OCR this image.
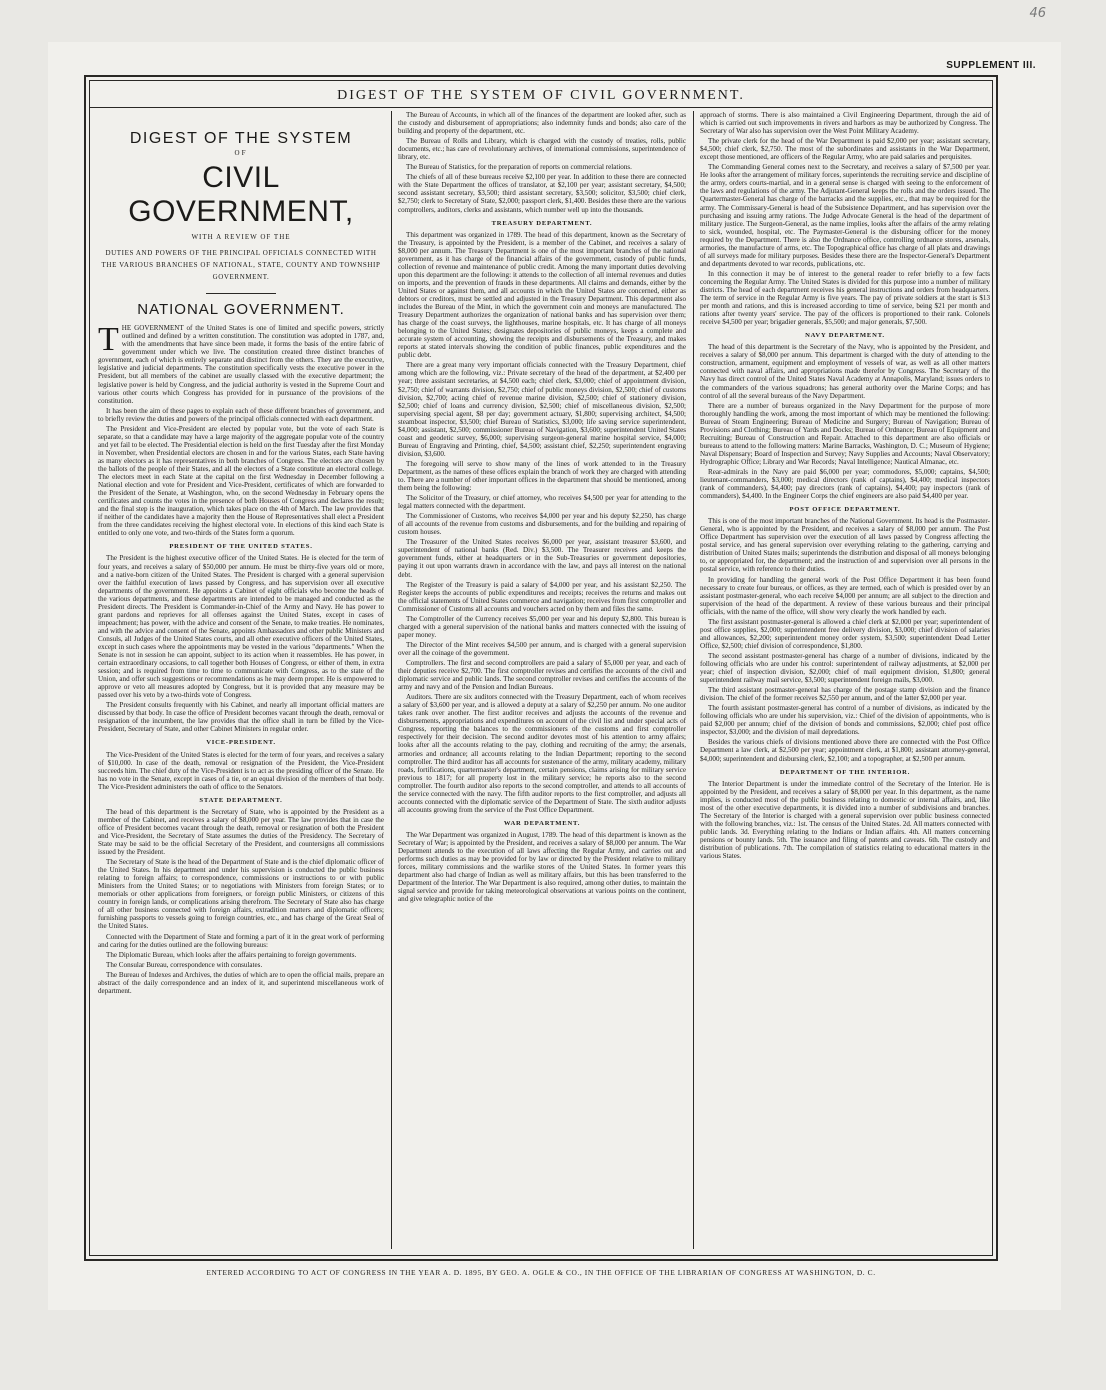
46
SUPPLEMENT III.
DIGEST OF THE SYSTEM OF CIVIL GOVERNMENT.
DIGEST OF THE SYSTEM
OF
CIVIL GOVERNMENT,
WITH A REVIEW OF THE
DUTIES AND POWERS OF THE PRINCIPAL OFFICIALS CONNECTED WITH THE VARIOUS BRANCHES OF NATIONAL, STATE, COUNTY AND TOWNSHIP GOVERNMENT.
NATIONAL GOVERNMENT.

THE GOVERNMENT of the United States is one of limited and specific powers, strictly outlined and defined by a written constitution. The constitution was adopted in 1787, and, with the amendments that have since been made, it forms the basis of the entire fabric of government under which we live. The constitution created three distinct branches of government, each of which is entirely separate and distinct from the others. They are the executive, legislative and judicial departments. The constitution specifically vests the executive power in the President, but all members of the cabinet are usually classed with the executive department; the legislative power is held by Congress, and the judicial authority is vested in the Supreme Court and various other courts which Congress has provided for in pursuance of the provisions of the constitution.

It has been the aim of these pages to explain each of these different branches of government, and to briefly review the duties and powers of the principal officials connected with each department.

The President and Vice-President are elected by popular vote, but the vote of each State is separate, so that a candidate may have a large majority of the aggregate popular vote of the country and yet fail to be elected. The Presidential election is held on the first Tuesday after the first Monday in November, when Presidential electors are chosen in and for the various States, each State having as many electors as it has representatives in both branches of Congress. The electors are chosen by the ballots of the people of their States, and all the electors of a State constitute an electoral college. The electors meet in each State at the capital on the first Wednesday in December following a National election and vote for President and Vice-President, certificates of which are forwarded to the President of the Senate, at Washington, who, on the second Wednesday in February opens the certificates and counts the votes in the presence of both Houses of Congress and declares the result; and the final step is the inauguration, which takes place on the 4th of March. The law provides that if neither of the candidates have a majority then the House of Representatives shall elect a President from the three candidates receiving the highest electoral vote. In elections of this kind each State is entitled to only one vote, and two-thirds of the States form a quorum.

PRESIDENT OF THE UNITED STATES.

The President is the highest executive officer of the United States. He is elected for the term of four years, and receives a salary of $50,000 per annum. He must be thirty-five years old or more, and a native-born citizen of the United States. The President is charged with a general supervision over the faithful execution of laws passed by Congress, and has supervision over all executive departments of the government. He appoints a Cabinet of eight officials who become the heads of the various departments, and these departments are intended to be managed and conducted as the President directs. The President is Commander-in-Chief of the Army and Navy. He has power to grant pardons and reprieves for all offenses against the United States, except in cases of impeachment; has power, with the advice and consent of the Senate, to make treaties. He nominates, and with the advice and consent of the Senate, appoints Ambassadors and other public Ministers and Consuls, all Judges of the United States courts, and all other executive officers of the United States, except in such cases where the appointments may be vested in the various "departments." When the Senate is not in session he can appoint, subject to its action when it reassembles. He has power, in certain extraordinary occasions, to call together both Houses of Congress, or either of them, in extra session; and is required from time to time to communicate with Congress, as to the state of the Union, and offer such suggestions or recommendations as he may deem proper. He is empowered to approve or veto all measures adopted by Congress, but it is provided that any measure may be passed over his veto by a two-thirds vote of Congress.

The President consults frequently with his Cabinet, and nearly all important official matters are discussed by that body. In case the office of President becomes vacant through the death, removal or resignation of the incumbent, the law provides that the office shall in turn be filled by the Vice-President, Secretary of State, and other Cabinet Ministers in regular order.

VICE-PRESIDENT.

The Vice-President of the United States is elected for the term of four years, and receives a salary of $10,000. In case of the death, removal or resignation of the President, the Vice-President succeeds him. The chief duty of the Vice-President is to act as the presiding officer of the Senate. He has no vote in the Senate, except in cases of a tie, or an equal division of the members of that body. The Vice-President administers the oath of office to the Senators.

STATE DEPARTMENT.

The head of this department is the Secretary of State, who is appointed by the President as a member of the Cabinet, and receives a salary of $8,000 per year. The law provides that in case the office of President becomes vacant through the death, removal or resignation of both the President and Vice-President, the Secretary of State assumes the duties of the Presidency. The Secretary of State may be said to be the official Secretary of the President, and countersigns all commissions issued by the President.

The Secretary of State is the head of the Department of State and is the chief diplomatic officer of the United States. In his department and under his supervision is conducted the public business relating to foreign affairs; to correspondence, commissions or instructions to or with public Ministers from the United States; or to negotiations with Ministers from foreign States; or to memorials or other applications from foreigners, or foreign public Ministers, or citizens of this country in foreign lands, or complications arising therefrom. The Secretary of State also has charge of all other business connected with foreign affairs, extradition matters and diplomatic officers; furnishing passports to vessels going to foreign countries, etc., and has charge of the Great Seal of the United States.

Connected with the Department of State and forming a part of it in the great work of performing and caring for the duties outlined are the following bureaus:

The Diplomatic Bureau, which looks after the affairs pertaining to foreign governments.

The Consular Bureau, correspondence with consulates.

The Bureau of Indexes and Archives, the duties of which are to open the official mails, prepare an abstract of the daily correspondence and an index of it, and superintend miscellaneous work of department.

The Bureau of Accounts, in which all of the finances of the department are looked after, such as the custody and disbursement of appropriations; also indemnity funds and bonds; also care of the building and property of the department, etc.

The Bureau of Rolls and Library, which is charged with the custody of treaties, rolls, public documents, etc.; has care of revolutionary archives, of international commissions, superintendence of library, etc.

The Bureau of Statistics, for the preparation of reports on commercial relations.

The chiefs of all of these bureaus receive $2,100 per year. In addition to these there are connected with the State Department the offices of translator, at $2,100 per year; assistant secretary, $4,500; second assistant secretary, $3,500; third assistant secretary, $3,500; solicitor, $3,500; chief clerk, $2,750; clerk to Secretary of State, $2,000; passport clerk, $1,400. Besides these there are the various comptrollers, auditors, clerks and assistants, which number well up into the thousands.

TREASURY DEPARTMENT.

This department was organized in 1789. The head of this department, known as the Secretary of the Treasury, is appointed by the President, is a member of the Cabinet, and receives a salary of $8,000 per annum. The Treasury Department is one of the most important branches of the national government, as it has charge of the financial affairs of the government, custody of public funds, collection of revenue and maintenance of public credit. Among the many important duties devolving upon this department are the following: it attends to the collection of all internal revenues and duties on imports, and the prevention of frauds in these departments. All claims and demands, either by the United States or against them, and all accounts in which the United States are concerned, either as debtors or creditors, must be settled and adjusted in the Treasury Department. This department also includes the Bureau of the Mint, in which the government coin and moneys are manufactured. The Treasury Department authorizes the organization of national banks and has supervision over them; has charge of the coast surveys, the lighthouses, marine hospitals, etc. It has charge of all moneys belonging to the United States; designates depositories of public moneys, keeps a complete and accurate system of accounting, showing the receipts and disbursements of the Treasury, and makes reports at stated intervals showing the condition of public finances, public expenditures and the public debt.

There are a great many very important officials connected with the Treasury Department, chief among which are the following, viz.: Private secretary of the head of the department, at $2,400 per year; three assistant secretaries, at $4,500 each; chief clerk, $3,000; chief of appointment division, $2,750; chief of warrants division, $2,750; chief of public moneys division, $2,500; chief of customs division, $2,700; acting chief of revenue marine division, $2,500; chief of stationery division, $2,500; chief of loans and currency division, $2,500; chief of miscellaneous division, $2,500; supervising special agent, $8 per day; government actuary, $1,800; supervising architect, $4,500; steamboat inspector, $3,500; chief Bureau of Statistics, $3,000; life saving service superintendent, $4,000; assistant, $2,500; commissioner Bureau of Navigation, $3,600; superintendent United States coast and geodetic survey, $6,000; supervising surgeon-general marine hospital service, $4,000; Bureau of Engraving and Printing, chief, $4,500; assistant chief, $2,250; superintendent engraving division, $3,600.

The foregoing will serve to show many of the lines of work attended to in the Treasury Department, as the names of these offices explain the branch of work they are charged with attending to. There are a number of other important offices in the department that should be mentioned, among them being the following:

The Solicitor of the Treasury, or chief attorney, who receives $4,500 per year for attending to the legal matters connected with the department.

The Commissioner of Customs, who receives $4,000 per year and his deputy $2,250, has charge of all accounts of the revenue from customs and disbursements, and for the building and repairing of custom houses.

The Treasurer of the United States receives $6,000 per year, assistant treasurer $3,600, and superintendent of national banks (Red. Div.) $3,500. The Treasurer receives and keeps the government funds, either at headquarters or in the Sub-Treasuries or government depositories, paying it out upon warrants drawn in accordance with the law, and pays all interest on the national debt.

The Register of the Treasury is paid a salary of $4,000 per year, and his assistant $2,250. The Register keeps the accounts of public expenditures and receipts; receives the returns and makes out the official statements of United States commerce and navigation; receives from first comptroller and Commissioner of Customs all accounts and vouchers acted on by them and files the same.

The Comptroller of the Currency receives $5,000 per year and his deputy $2,800. This bureau is charged with a general supervision of the national banks and matters connected with the issuing of paper money.

The Director of the Mint receives $4,500 per annum, and is charged with a general supervision over all the coinage of the government.

Comptrollers. The first and second comptrollers are paid a salary of $5,000 per year, and each of their deputies receive $2,700. The first comptroller revises and certifies the accounts of the civil and diplomatic service and public lands. The second comptroller revises and certifies the accounts of the army and navy and of the Pension and Indian Bureaus.

Auditors. There are six auditors connected with the Treasury Department, each of whom receives a salary of $3,600 per year, and is allowed a deputy at a salary of $2,250 per annum. No one auditor takes rank over another. The first auditor receives and adjusts the accounts of the revenue and disbursements, appropriations and expenditures on account of the civil list and under special acts of Congress, reporting the balances to the commissioners of the customs and first comptroller respectively for their decision. The second auditor devotes most of his attention to army affairs; looks after all the accounts relating to the pay, clothing and recruiting of the army; the arsenals, armories and ordnance; all accounts relating to the Indian Department; reporting to the second comptroller. The third auditor has all accounts for sustenance of the army, military academy, military roads, fortifications, quartermaster's department, certain pensions, claims arising for military service previous to 1817; for all property lost in the military service; he reports also to the second comptroller. The fourth auditor also reports to the second comptroller, and attends to all accounts of the service connected with the navy. The fifth auditor reports to the first comptroller, and adjusts all accounts connected with the diplomatic service of the Department of State. The sixth auditor adjusts all accounts growing from the service of the Post Office Department.

WAR DEPARTMENT.

The War Department was organized in August, 1789. The head of this department is known as the Secretary of War; is appointed by the President, and receives a salary of $8,000 per annum. The War Department attends to the execution of all laws affecting the Regular Army, and carries out and performs such duties as may be provided for by law or directed by the President relative to military forces, military commissions and the warlike stores of the United States. In former years this department also had charge of Indian as well as military affairs, but this has been transferred to the Department of the Interior. The War Department is also required, among other duties, to maintain the signal service and provide for taking meteorological observations at various points on the continent, and give telegraphic notice of the

approach of storms. There is also maintained a Civil Engineering Department, through the aid of which is carried out such improvements in rivers and harbors as may be authorized by Congress. The Secretary of War also has supervision over the West Point Military Academy.

The private clerk for the head of the War Department is paid $2,000 per year; assistant secretary, $4,500; chief clerk, $2,750. The most of the subordinates and assistants in the War Department, except those mentioned, are officers of the Regular Army, who are paid salaries and perquisites.

The Commanding General comes next to the Secretary, and receives a salary of $7,500 per year. He looks after the arrangement of military forces, superintends the recruiting service and discipline of the army, orders courts-martial, and in a general sense is charged with seeing to the enforcement of the laws and regulations of the army. The Adjutant-General keeps the rolls and the orders issued. The Quartermaster-General has charge of the barracks and the supplies, etc., that may be required for the army. The Commissary-General is head of the Subsistence Department, and has supervision over the purchasing and issuing army rations. The Judge Advocate General is the head of the department of military justice. The Surgeon-General, as the name implies, looks after the affairs of the army relating to sick, wounded, hospital, etc. The Paymaster-General is the disbursing officer for the money required by the Department. There is also the Ordnance office, controlling ordnance stores, arsenals, armories, the manufacture of arms, etc. The Topographical office has charge of all plats and drawings of all surveys made for military purposes. Besides these there are the Inspector-General's Department and departments devoted to war records, publications, etc.

In this connection it may be of interest to the general reader to refer briefly to a few facts concerning the Regular Army. The United States is divided for this purpose into a number of military districts. The head of each department receives his general instructions and orders from headquarters. The term of service in the Regular Army is five years. The pay of private soldiers at the start is $13 per month and rations, and this is increased according to time of service, being $21 per month and rations after twenty years' service. The pay of the officers is proportioned to their rank. Colonels receive $4,500 per year; brigadier generals, $5,500; and major generals, $7,500.

NAVY DEPARTMENT.

The head of this department is the Secretary of the Navy, who is appointed by the President, and receives a salary of $8,000 per annum. This department is charged with the duty of attending to the construction, armament, equipment and employment of vessels of war, as well as all other matters connected with naval affairs, and appropriations made therefor by Congress. The Secretary of the Navy has direct control of the United States Naval Academy at Annapolis, Maryland; issues orders to the commanders of the various squadrons; has general authority over the Marine Corps; and has control of all the several bureaus of the Navy Department.

There are a number of bureaus organized in the Navy Department for the purpose of more thoroughly handling the work, among the most important of which may be mentioned the following: Bureau of Steam Engineering; Bureau of Medicine and Surgery; Bureau of Navigation; Bureau of Provisions and Clothing; Bureau of Yards and Docks; Bureau of Ordnance; Bureau of Equipment and Recruiting; Bureau of Construction and Repair. Attached to this department are also officials or bureaus to attend to the following matters: Marine Barracks, Washington, D. C.; Museum of Hygiene; Naval Dispensary; Board of Inspection and Survey; Navy Supplies and Accounts; Naval Observatory; Hydrographic Office; Library and War Records; Naval Intelligence; Nautical Almanac, etc.

Rear-admirals in the Navy are paid $6,000 per year; commodores, $5,000; captains, $4,500; lieutenant-commanders, $3,000; medical directors (rank of captains), $4,400; medical inspectors (rank of commanders), $4,400; pay directors (rank of captains), $4,400; pay inspectors (rank of commanders), $4,400. In the Engineer Corps the chief engineers are also paid $4,400 per year.

POST OFFICE DEPARTMENT.

This is one of the most important branches of the National Government. Its head is the Postmaster-General, who is appointed by the President, and receives a salary of $8,000 per annum. The Post Office Department has supervision over the execution of all laws passed by Congress affecting the postal service, and has general supervision over everything relating to the gathering, carrying and distribution of United States mails; superintends the distribution and disposal of all moneys belonging to, or appropriated for, the department; and the instruction of and supervision over all persons in the postal service, with reference to their duties.

In providing for handling the general work of the Post Office Department it has been found necessary to create four bureaus, or offices, as they are termed, each of which is presided over by an assistant postmaster-general, who each receive $4,000 per annum; are all subject to the direction and supervision of the head of the department. A review of these various bureaus and their principal officials, with the name of the office, will show very clearly the work handled by each.

The first assistant postmaster-general is allowed a chief clerk at $2,000 per year; superintendent of post office supplies, $2,000; superintendent free delivery division, $3,000; chief division of salaries and allowances, $2,200; superintendent money order system, $3,500; superintendent Dead Letter Office, $2,500; chief division of correspondence, $1,800.

The second assistant postmaster-general has charge of a number of divisions, indicated by the following officials who are under his control: superintendent of railway adjustments, at $2,000 per year; chief of inspection division, $2,000; chief of mail equipment division, $1,800; general superintendent railway mail service, $3,500; superintendent foreign mails, $3,000.

The third assistant postmaster-general has charge of the postage stamp division and the finance division. The chief of the former receives $2,550 per annum, and of the latter $2,000 per year.

The fourth assistant postmaster-general has control of a number of divisions, as indicated by the following officials who are under his supervision, viz.: Chief of the division of appointments, who is paid $2,000 per annum; chief of the division of bonds and commissions, $2,000; chief post office inspector, $3,000; and the division of mail depredations.

Besides the various chiefs of divisions mentioned above there are connected with the Post Office Department a law clerk, at $2,500 per year; appointment clerk, at $1,800; assistant attorney-general, $4,000; superintendent and disbursing clerk, $2,100; and a topographer, at $2,500 per annum.

DEPARTMENT OF THE INTERIOR.

The Interior Department is under the immediate control of the Secretary of the Interior. He is appointed by the President, and receives a salary of $8,000 per year. In this department, as the name implies, is conducted most of the public business relating to domestic or internal affairs, and, like most of the other executive departments, it is divided into a number of subdivisions and branches. The Secretary of the Interior is charged with a general supervision over public business connected with the following branches, viz.: 1st. The census of the United States. 2d. All matters connected with public lands. 3d. Everything relating to the Indians or Indian affairs. 4th. All matters concerning pensions or bounty lands. 5th. The issuance and filing of patents and caveats. 6th. The custody and distribution of publications. 7th. The compilation of statistics relating to educational matters in the various States.

ENTERED ACCORDING TO ACT OF CONGRESS IN THE YEAR A. D. 1895, BY GEO. A. OGLE & CO., IN THE OFFICE OF THE LIBRARIAN OF CONGRESS AT WASHINGTON, D. C.
